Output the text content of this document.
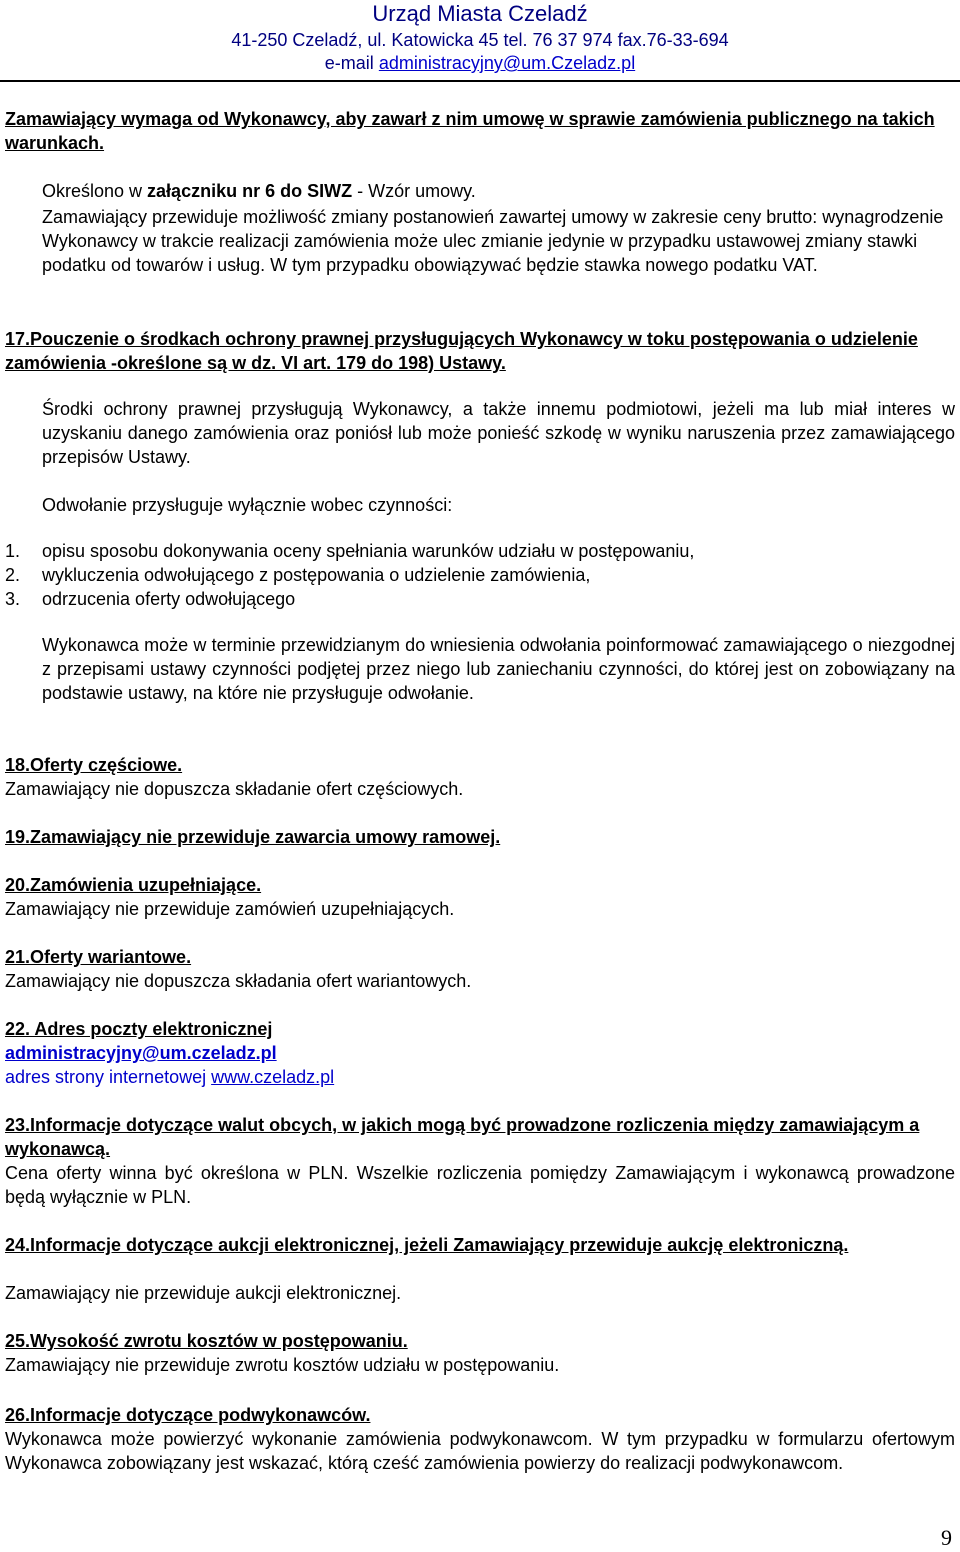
Urząd Miasta Czeladź
41-250 Czeladź, ul. Katowicka 45 tel. 76 37 974 fax.76-33-694
e-mail administracyjny@um.Czeladz.pl
Zamawiający wymaga od Wykonawcy, aby zawarł z nim umowę w sprawie zamówienia publicznego na takich warunkach.
Określono w załączniku nr 6 do SIWZ - Wzór umowy.
Zamawiający przewiduje możliwość zmiany postanowień zawartej umowy w zakresie ceny brutto: wynagrodzenie Wykonawcy w trakcie realizacji zamówienia może ulec zmianie jedynie w przypadku ustawowej zmiany stawki podatku od towarów i usług. W tym przypadku obowiązywać będzie stawka nowego podatku VAT.
17.Pouczenie o środkach ochrony prawnej przysługujących Wykonawcy w toku postępowania o udzielenie zamówienia -określone są w dz. VI art. 179 do 198) Ustawy.
Środki ochrony prawnej przysługują Wykonawcy, a także innemu podmiotowi, jeżeli ma lub miał interes w uzyskaniu danego zamówienia oraz poniósł lub może ponieść szkodę w wyniku naruszenia przez zamawiającego przepisów Ustawy.
Odwołanie przysługuje wyłącznie wobec czynności:
1. opisu sposobu dokonywania oceny spełniania warunków udziału w postępowaniu,
2. wykluczenia odwołującego z postępowania o udzielenie zamówienia,
3. odrzucenia oferty odwołującego
Wykonawca może w terminie przewidzianym do wniesienia odwołania poinformować zamawiającego o niezgodnej z przepisami ustawy czynności podjętej przez niego lub zaniechaniu czynności, do której jest on zobowiązany na podstawie ustawy, na które nie przysługuje odwołanie.
18.Oferty częściowe.
Zamawiający nie dopuszcza składanie ofert częściowych.
19.Zamawiający nie przewiduje zawarcia umowy ramowej.
20.Zamówienia uzupełniające.
Zamawiający nie przewiduje zamówień uzupełniających.
21.Oferty wariantowe.
Zamawiający nie dopuszcza składania ofert wariantowych.
22. Adres poczty elektronicznej
administracyjny@um.czeladz.pl
adres strony internetowej www.czeladz.pl
23.Informacje dotyczące walut obcych, w jakich mogą być prowadzone rozliczenia między zamawiającym a wykonawcą.
Cena oferty winna być określona w PLN. Wszelkie rozliczenia pomiędzy Zamawiającym i wykonawcą prowadzone będą wyłącznie w PLN.
24.Informacje dotyczące aukcji elektronicznej, jeżeli Zamawiający przewiduje aukcję elektroniczną.
Zamawiający nie przewiduje aukcji elektronicznej.
25.Wysokość zwrotu kosztów w postępowaniu.
Zamawiający nie przewiduje zwrotu kosztów udziału w postępowaniu.
26.Informacje dotyczące podwykonawców.
Wykonawca może powierzyć wykonanie zamówienia podwykonawcom. W tym przypadku w formularzu ofertowym Wykonawca zobowiązany jest wskazać, którą cześć zamówienia powierzy do realizacji podwykonawcom.
9
